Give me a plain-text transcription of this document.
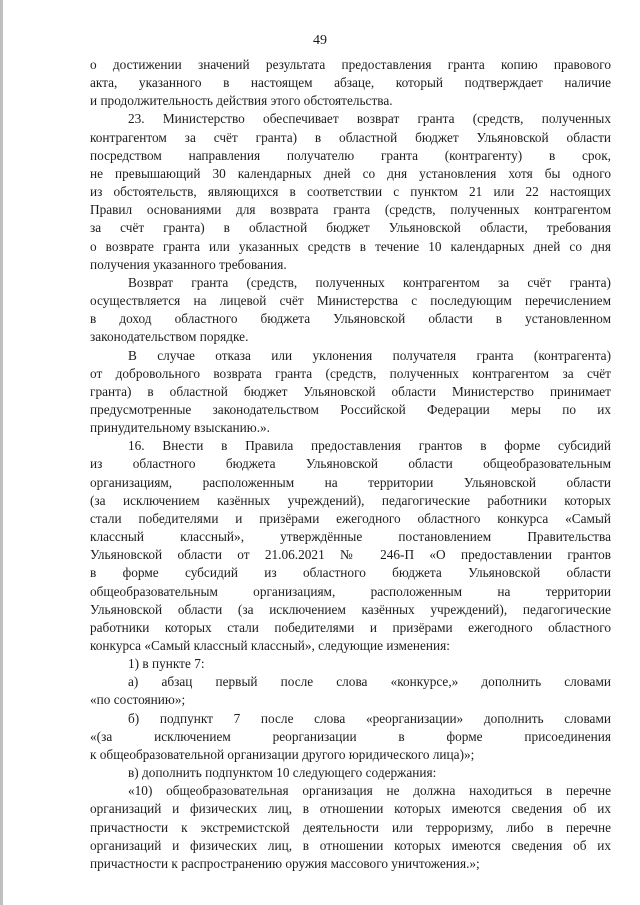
49

о достижении значений результата предоставления гранта копию правового

акта, указанного в настоящем абзаце, который подтверждает наличие

и продолжительность действия этого обстоятельства.

23. Министерство обеспечивает возврат гранта (средств, полученных

контрагентом за счёт гранта) в областной бюджет Ульяновской области

посредством направления получателю гранта (контрагенту) в срок,

не превышающий 30 календарных дней со дня установления хотя бы одного

из обстоятельств, являющихся в соответствии с пунктом 21 или 22 настоящих

Правил основаниями для возврата гранта (средств, полученных контрагентом

за счёт гранта) в областной бюджет Ульяновской области, требования

о возврате гранта или указанных средств в течение 10 календарных дней со дня

получения указанного требования.

Возврат гранта (средств, полученных контрагентом за счёт гранта)

осуществляется на лицевой счёт Министерства с последующим перечислением

в доход областного бюджета Ульяновской области в установленном

законодательством порядке.

В случае отказа или уклонения получателя гранта (контрагента)

от добровольного возврата гранта (средств, полученных контрагентом за счёт

гранта) в областной бюджет Ульяновской области Министерство принимает

предусмотренные законодательством Российской Федерации меры по их

принудительному взысканию.».

16. Внести в Правила предоставления грантов в форме субсидий

из областного бюджета Ульяновской области общеобразовательным

организациям, расположенным на территории Ульяновской области

(за исключением казённых учреждений), педагогические работники которых

стали победителями и призёрами ежегодного областного конкурса «Самый

классный классный», утверждённые постановлением Правительства

Ульяновской области от 21.06.2021 № 246-П «О предоставлении грантов

в форме субсидий из областного бюджета Ульяновской области

общеобразовательным организациям, расположенным на территории

Ульяновской области (за исключением казённых учреждений), педагогические

работники которых стали победителями и призёрами ежегодного областного

конкурса «Самый классный классный», следующие изменения:

1) в пункте 7:

а) абзац первый после слова «конкурсе,» дополнить словами

«по состоянию»;

б) подпункт 7 после слова «реорганизации» дополнить словами

«(за исключением реорганизации в форме присоединения

к общеобразовательной организации другого юридического лица)»;

в) дополнить подпунктом 10 следующего содержания:

«10) общеобразовательная организация не должна находиться в перечне

организаций и физических лиц, в отношении которых имеются сведения об их

причастности к экстремистской деятельности или терроризму, либо в перечне

организаций и физических лиц, в отношении которых имеются сведения об их

причастности к распространению оружия массового уничтожения.»;
